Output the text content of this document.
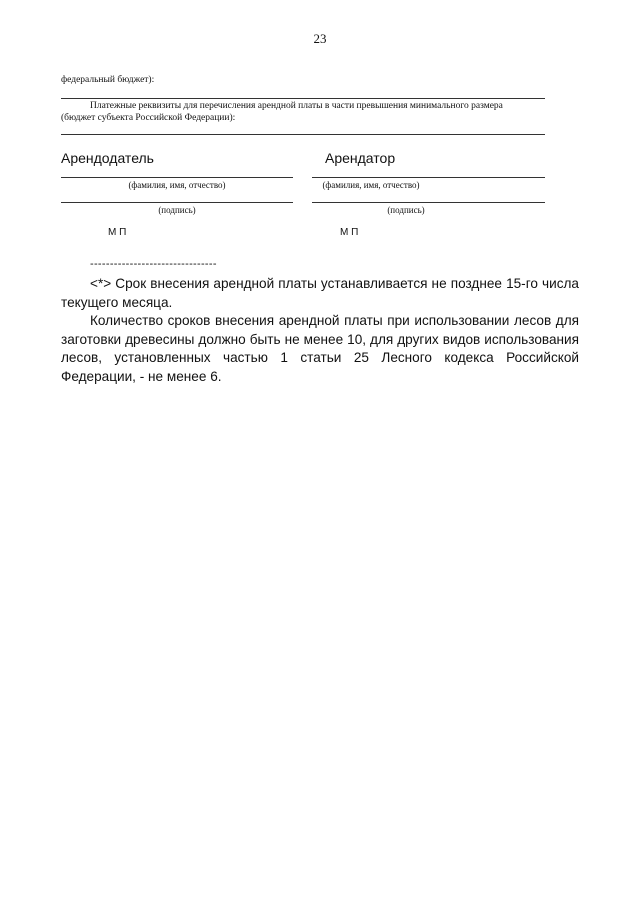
23
федеральный бюджет):
Платежные реквизиты для перечисления арендной платы в части превышения минимального размера
(бюджет субъекта Российской Федерации):
Арендодатель
(фамилия, имя, отчество)
(подпись)
М П
Арендатор
(фамилия, имя, отчество)
(подпись)
М П
--------------------------------

<*> Срок внесения арендной платы устанавливается не позднее 15-го числа текущего месяца.

Количество сроков внесения арендной платы при использовании лесов для заготовки древесины должно быть не менее 10, для других видов использования лесов, установленных частью 1 статьи 25 Лесного кодекса Российской Федерации, - не менее 6.
